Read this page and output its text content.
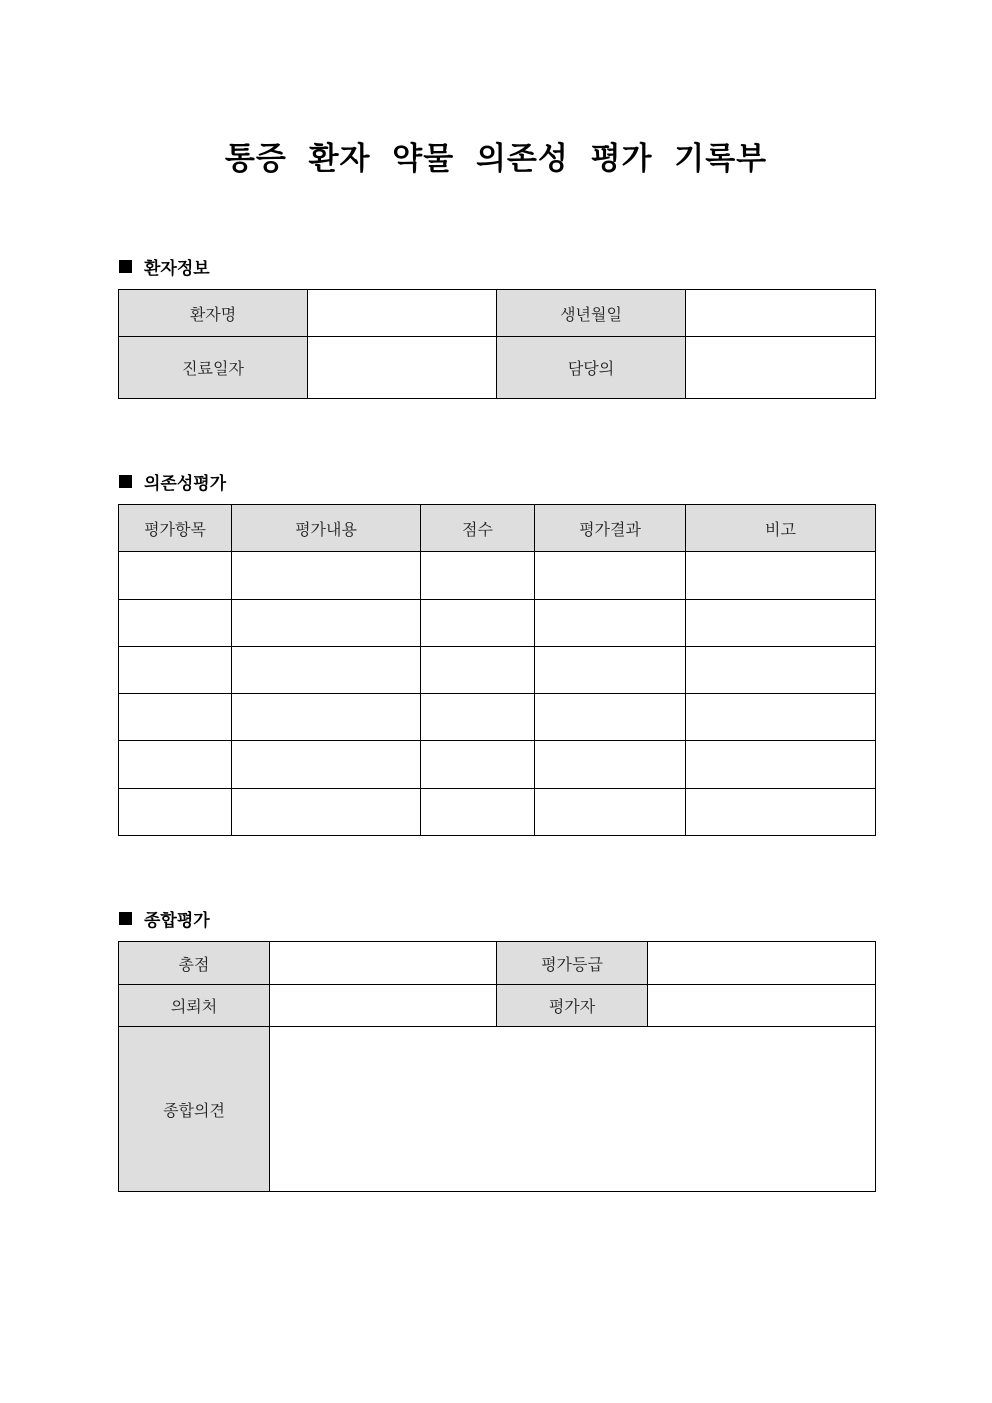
통증 환자 약물 의존성 평가 기록부
환자정보
환자명		생년월일	
진료일자		담당의	
의존성평가
평가항목	평가내용	점수	평가결과	비고

종합평가
총점		평가등급	
의뢰처		평가자	
종합의견			
